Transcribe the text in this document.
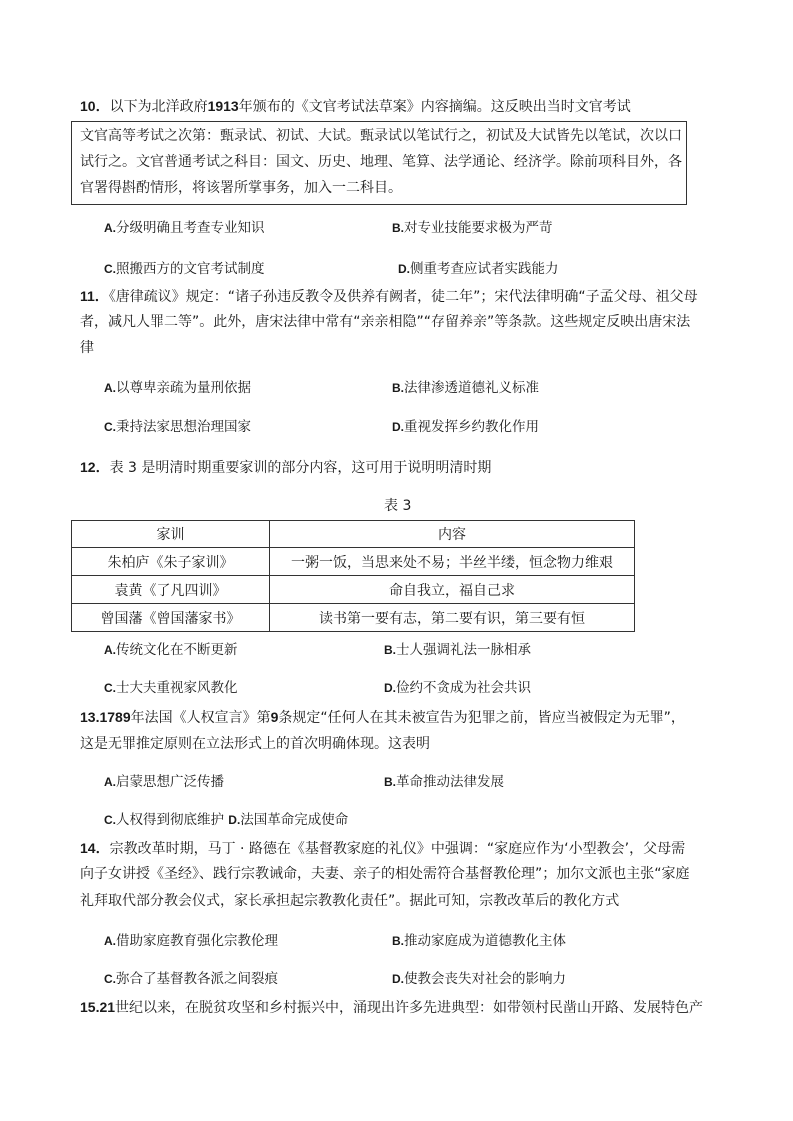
10．以下为北洋政府1913年颁布的《文官考试法草案》内容摘编。这反映出当时文官考试
文官高等考试之次第：甄录试、初试、大试。甄录试以笔试行之，初试及大试皆先以笔试，次以口
试行之。文官普通考试之科目：国文、历史、地理、笔算、法学通论、经济学。除前项科目外，各
官署得斟酌情形，将该署所掌事务，加入一二科目。
A.分级明确且考查专业知识	B.对专业技能要求极为严苛
C.照搬西方的文官考试制度	D.侧重考查应试者实践能力
11．《唐律疏议》规定：“诸子孙违反教令及供养有阙者，徒二年”；宋代法律明确“子孟父母、祖父母
者，减凡人罪二等”。此外，唐宋法律中常有“亲亲相隐”“存留养亲”等条款。这些规定反映出唐宋法
律
A.以尊卑亲疏为量刑依据	B.法律渗透道德礼义标准
C.秉持法家思想治理国家	D.重视发挥乡约教化作用
12．表 3 是明清时期重要家训的部分内容，这可用于说明明清时期
表 3
家训	内容
朱柏庐《朱子家训》	一粥一饭，当思来处不易；半丝半缕，恒念物力维艰
袁黄《了凡四训》	命自我立，福自己求
曾国藩《曾国藩家书》	读书第一要有志，第二要有识，第三要有恒
A.传统文化在不断更新	B.士人强调礼法一脉相承
C.士大夫重视家风教化	D.俭约不贪成为社会共识
13.1789年法国《人权宣言》第9条规定“任何人在其未被宣告为犯罪之前，皆应当被假定为无罪”，
这是无罪推定原则在立法形式上的首次明确体现。这表明
A.启蒙思想广泛传播	B.革命推动法律发展
C.人权得到彻底维护 D.法国革命完成使命
14．宗教改革时期，马丁 · 路德在《基督教家庭的礼仪》中强调：“家庭应作为‘小型教会’，父母需
向子女讲授《圣经》、践行宗教诫命，夫妻、亲子的相处需符合基督教伦理”；加尔文派也主张“家庭
礼拜取代部分教会仪式，家长承担起宗教教化责任”。据此可知，宗教改革后的教化方式
A.借助家庭教育强化宗教伦理	B.推动家庭成为道德教化主体
C.弥合了基督教各派之间裂痕	D.使教会丧失对社会的影响力
15.21世纪以来，在脱贫攻坚和乡村振兴中，涌现出许多先进典型：如带领村民凿山开路、发展特色产
